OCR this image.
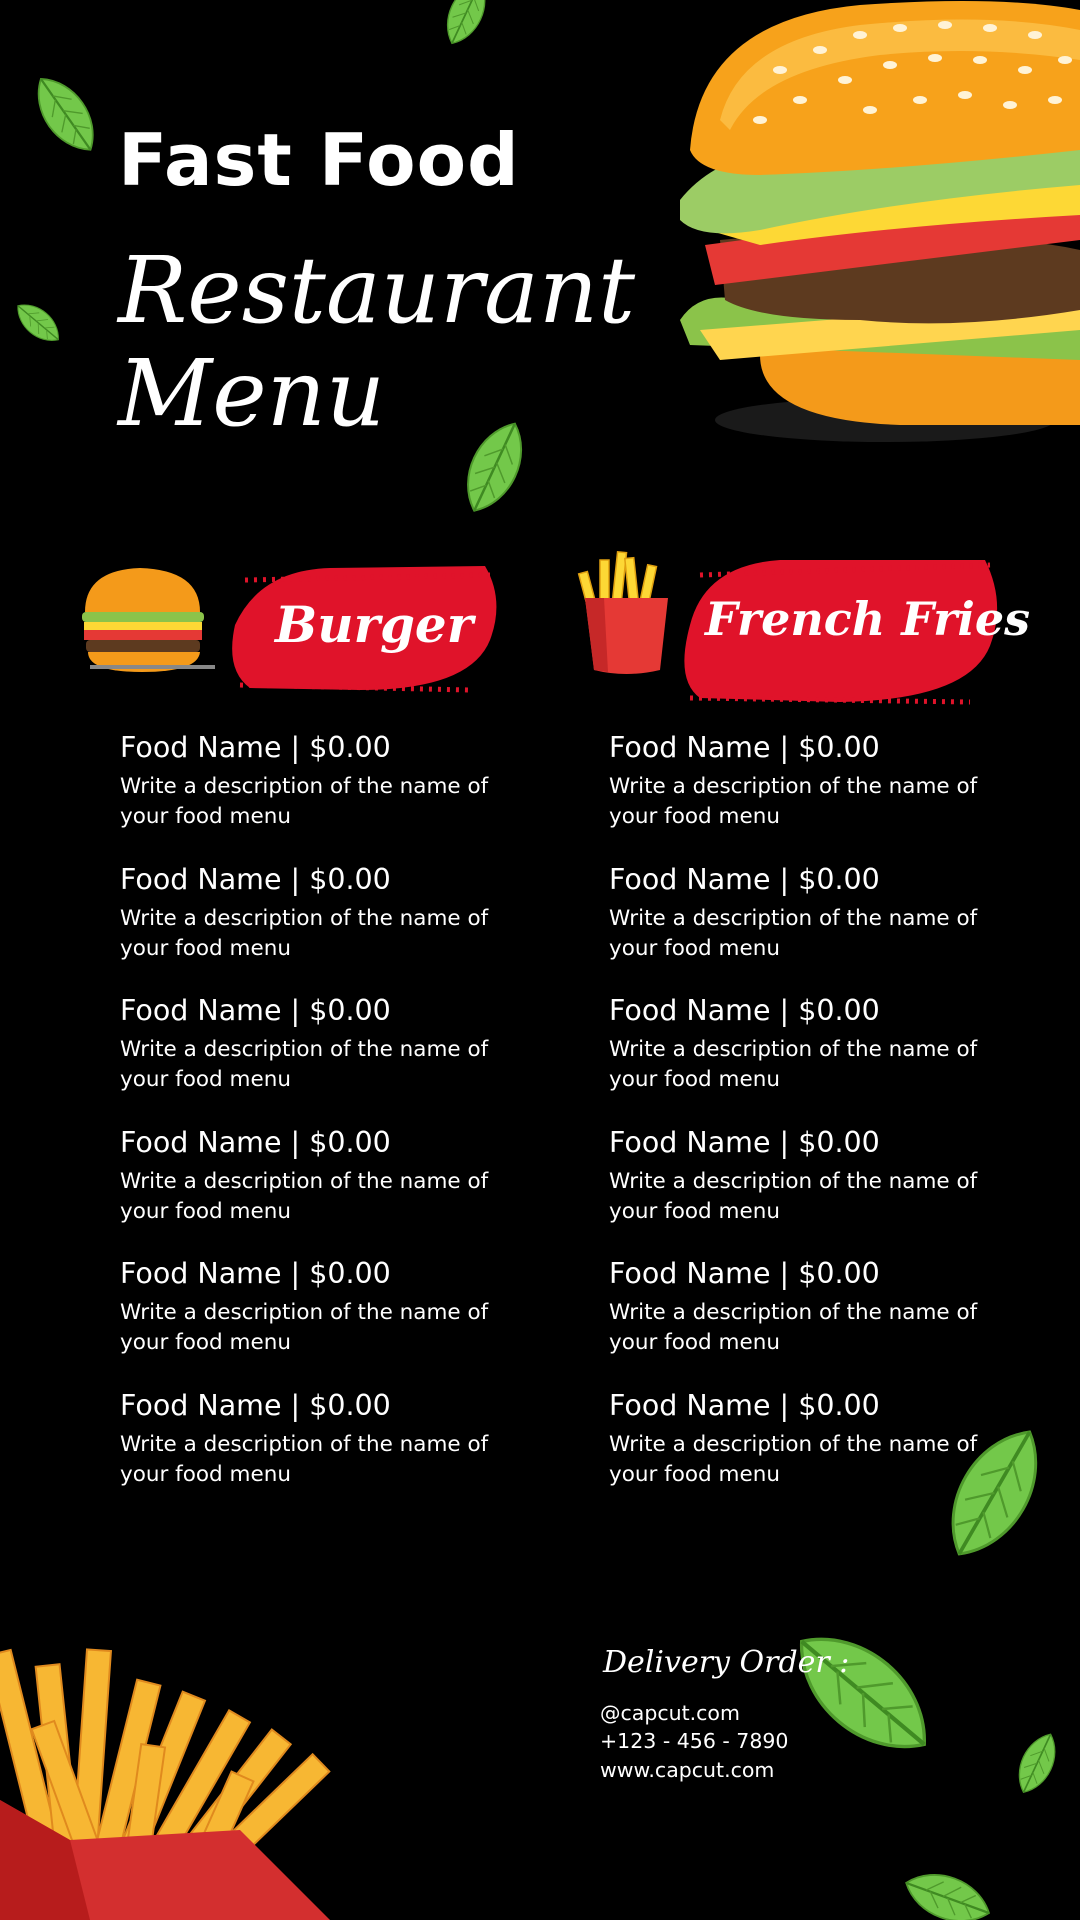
Fast Food
Restaurant
Menu
Burger	French Fries
Food Name | $0.00
Write a description of the name of your food menu
Food Name | $0.00
Write a description of the name of your food menu
Food Name | $0.00
Write a description of the name of your food menu
Food Name | $0.00
Write a description of the name of your food menu
Food Name | $0.00
Write a description of the name of your food menu
Food Name | $0.00
Write a description of the name of your food menu
Food Name | $0.00
Write a description of the name of your food menu
Food Name | $0.00
Write a description of the name of your food menu
Food Name | $0.00
Write a description of the name of your food menu
Food Name | $0.00
Write a description of the name of your food menu
Food Name | $0.00
Write a description of the name of your food menu
Food Name | $0.00
Write a description of the name of your food menu
Delivery Order :
@capcut.com
+123 - 456 - 7890
www.capcut.com
